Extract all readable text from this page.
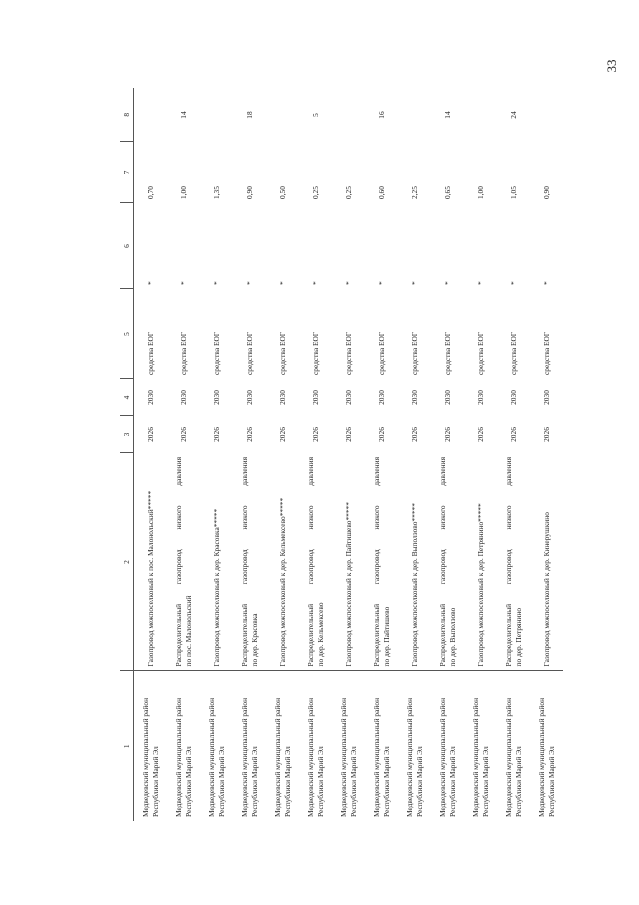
33
1	2	3	4	5	6	7	8
Медведевский муниципальный район Республики Марий Эл	Газопровод межпоселковый к пос. Малонольский*****	2026	2030	средства ЕОГ	*	0,70	
Медведевский муниципальный район Республики Марий Эл	Распределительный
газопровод
низкого
давления
по пос. Малонольский	2026	2030	средства ЕОГ	*	1,00	14
Медведевский муниципальный район Республики Марий Эл	Газопровод межпоселковый к дер. Красовка*****	2026	2030	средства ЕОГ	*	1,35	
Медведевский муниципальный район Республики Марий Эл	Распределительный
газопровод
низкого
давления
по дер. Красовка	2026	2030	средства ЕОГ	*	0,90	18
Медведевский муниципальный район Республики Марий Эл	Газопровод межпоселковый к дер. Кельмексево*****	2026	2030	средства ЕОГ	*	0,50	
Медведевский муниципальный район Республики Марий Эл	Распределительный
газопровод
низкого
давления
по дер. Кельмексево	2026	2030	средства ЕОГ	*	0,25	5
Медведевский муниципальный район Республики Марий Эл	Газопровод межпоселковый к дер. Пайтишево*****	2026	2030	средства ЕОГ	*	0,25	
Медведевский муниципальный район Республики Марий Эл	Распределительный
газопровод
низкого
давления
по дер. Пайтишево	2026	2030	средства ЕОГ	*	0,60	16
Медведевский муниципальный район Республики Марий Эл	Газопровод межпоселковый к дер. Выползово*****	2026	2030	средства ЕОГ	*	2,25	
Медведевский муниципальный район Республики Марий Эл	Распределительный
газопровод
низкого
давления
по дер. Выползово	2026	2030	средства ЕОГ	*	0,65	14
Медведевский муниципальный район Республики Марий Эл	Газопровод межпоселковый к дер. Петрянино*****	2026	2030	средства ЕОГ	*	1,00	
Медведевский муниципальный район Республики Марий Эл	Распределительный
газопровод
низкого
давления
по дер. Петрянино	2026	2030	средства ЕОГ	*	1,05	24
Медведевский муниципальный район Республики Марий Эл	Газопровод межпоселковый к дер. Кинерушкино	2026	2030	средства ЕОГ	*	0,90	
